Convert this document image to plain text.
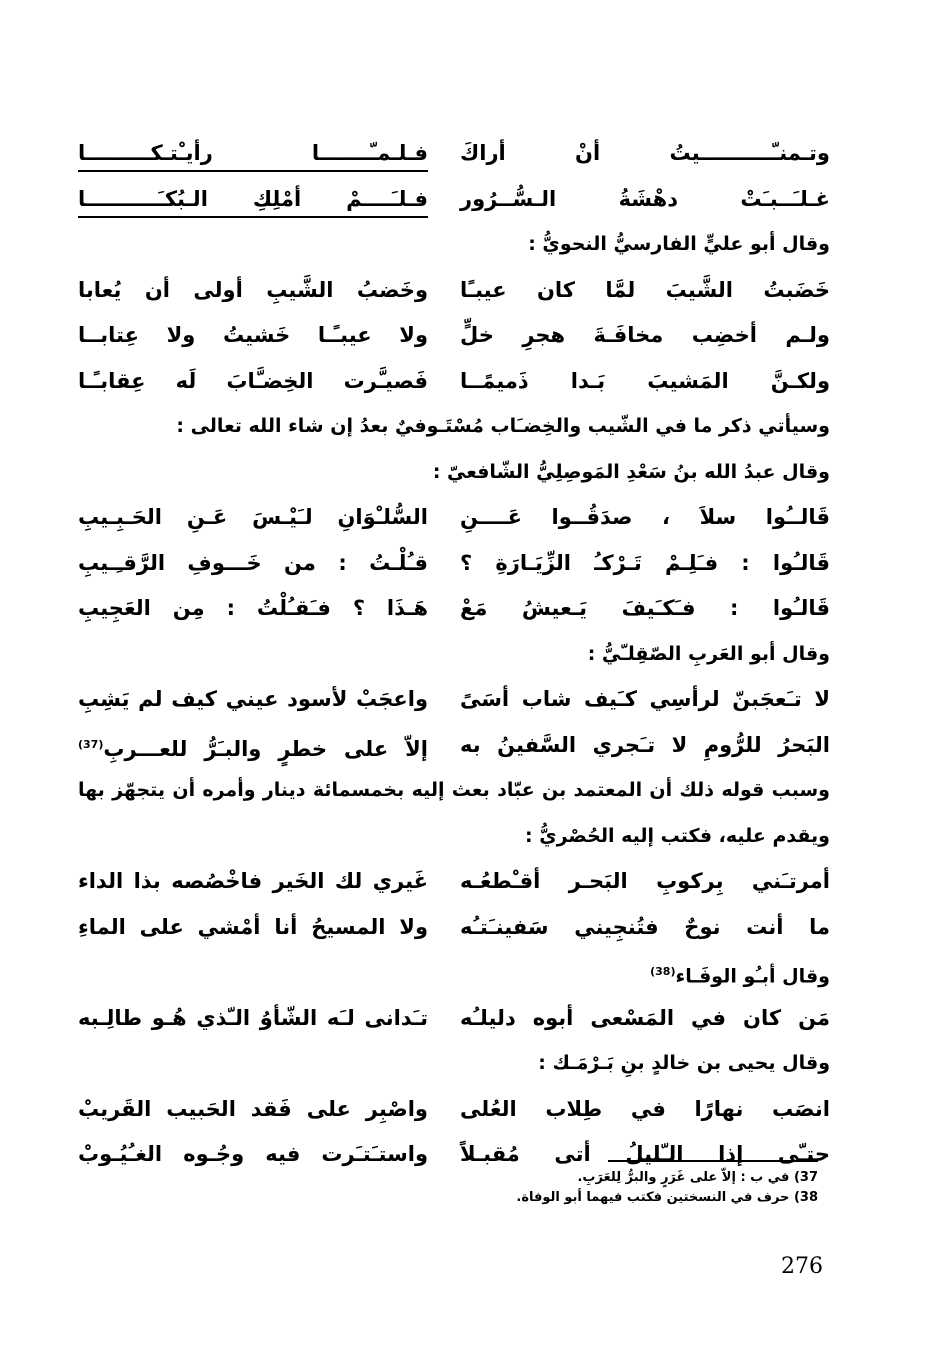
وتـمنـّــــــــــيتُ أنْ أراكَ
فـلـمـّـــــــا رأيـْتـكـــــــــا
غـلـَــبـَتْ دهْشَةُ الـسُّــرُور
فـلـَــــمْ أمْلِكِ الـبُكـَــــــــــا
وقال أبو عليٍّ الفارسيُّ النحويُّ :
خَضَبتُ الشَّيبَ لمَّا كان عيبـًا
وخَضبُ الشَّيبِ أولى أن يُعابا
ولـم أخضِب مخافَـةَ هجرِ خلٍّ
ولا عيبـًـا خَشيتُ ولا عِتابــا
ولكـنَّ المَشيبَ بَـدا ذَميمًــا
فَصيـَّرت الخِضـَّابَ لَه عِقابـًـا
وسيأتي ذكر ما في الشّيب والخِضـَاب مُسْتَـوفيٌ بعدُ إن شاء الله تعالى :
وقال عبدُ الله بنُ سَعْدِ المَوصِلِيُّ الشّافعيّ :
قَالــُوا سلاَ ، صدَقُــوا عَــــنِ
السُّلـْوَانِ لـَيْـسَ عَـنِ الحَـبِـيبِ
قَالـُوا : فـَلِـمْ تَـرْكـُ الزِّيَـارَةِ ؟
قـُلْـتُ : من خَـــوفِ الرَّقـِـيبِ
قَالـُوا : فـَكـَيفَ يَـعيشُ مَعْ
هَـذَا ؟ فـَقـُلْتُ : مِن العَجِيبِ
وقال أبو العَربِ الصّقِلـّيُّ :
لا تـَعجَبنّ لرأسِي كـَيف شاب أسَىً
واعجَبْ لأسود عيني كيف لم يَشِبِ
البَحرُ للرُّومِ لا تـَجري السَّفينُ به
إلاّ على خطرٍ والبـَرُّ للعـــربِ$^{(37)}$
وسبب قوله ذلك أن المعتمد بن عبّاد بعث إليه بخمسمائة دينار وأمره أن يتجهّز بها
ويقدم عليه، فكتب إليه الحُصْريُّ :
أمرتـَني بِركوبِ البَحـر أقـْطعُـه
غَيري لك الخَير فاخْصُصه بذا الداء
ما أنت نوحٌ فتُنجِيني سَفينـَتـُه
ولا المسيحُ أنا أمْشي على الماءِ
وقال أبـُو الوفَـاء$^{(38)}$
مَن كان في المَسْعى أبوه دليلـُه
تـَدانى لـَه الشّأوُ الـّذي هُـو طالِـبه
وقال يحيى بن خالدٍ بنِ بَـرْمَـك :
انصَب نهارًا في طِلاب العُلى
واصْبِر على فَقد الحَبيب القَريبْ
حتـّى إذا الـّليلُ أتى مُقبـلاً
واستـَتـَرت فيه وجُـوه الغـُيُـوبْ
37) في ب : إلاّ على غَرَرٍ والبرُّ لِلعَرَبِ.
38) حرف في النسختين فكتب فيهما أبو الوفاة.
276
